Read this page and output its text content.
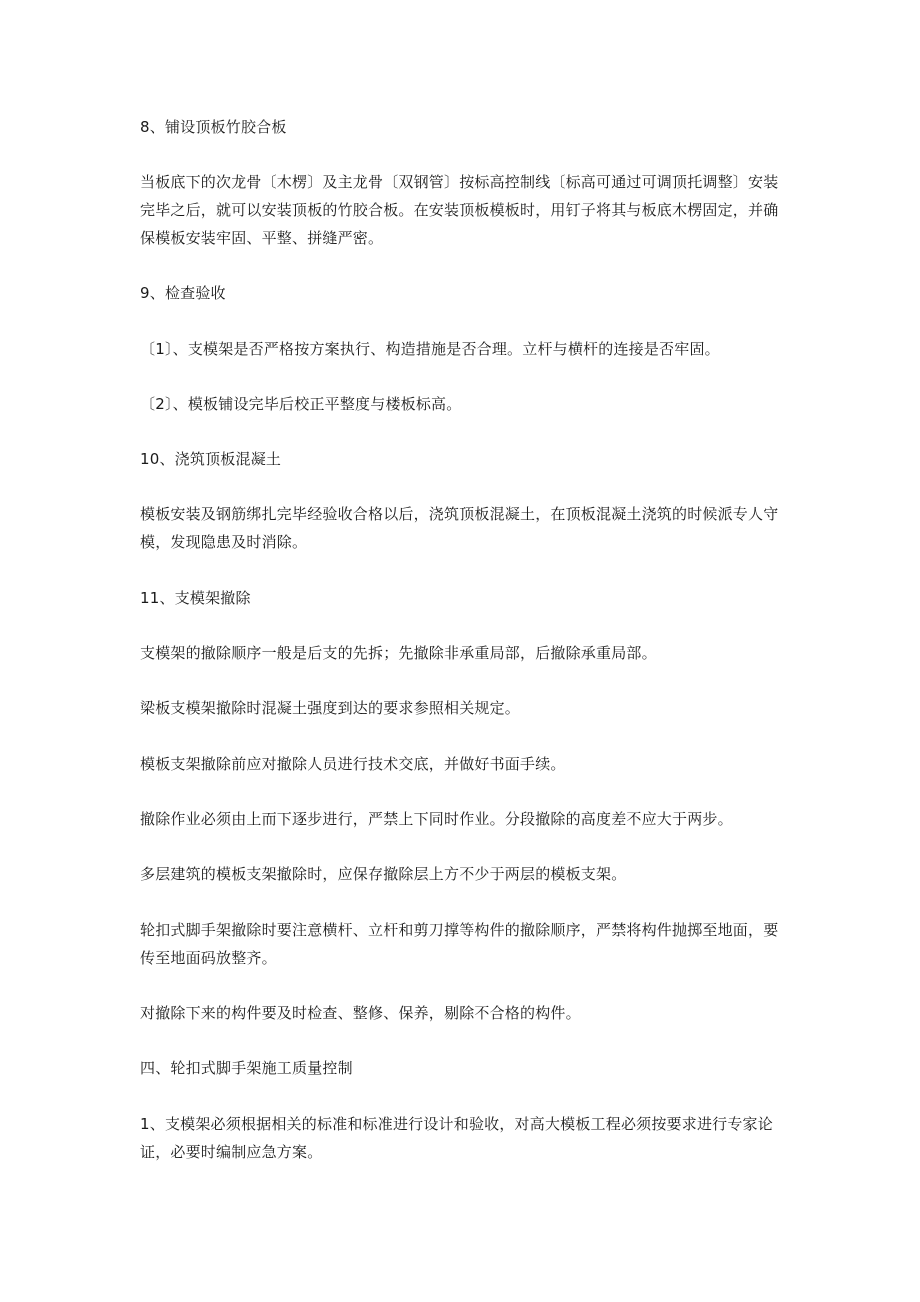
8、铺设顶板竹胶合板

当板底下的次龙骨〔木楞〕及主龙骨〔双钢管〕按标高控制线〔标高可通过可调顶托调整〕安装完毕之后，就可以安装顶板的竹胶合板。在安装顶板模板时，用钉子将其与板底木楞固定，并确保模板安装牢固、平整、拼缝严密。

9、检查验收

〔1〕、支模架是否严格按方案执行、构造措施是否合理。立杆与横杆的连接是否牢固。

〔2〕、模板铺设完毕后校正平整度与楼板标高。

10、浇筑顶板混凝土

模板安装及钢筋绑扎完毕经验收合格以后，浇筑顶板混凝土，在顶板混凝土浇筑的时候派专人守模，发现隐患及时消除。

11、支模架撤除

支模架的撤除顺序一般是后支的先拆；先撤除非承重局部，后撤除承重局部。

梁板支模架撤除时混凝土强度到达的要求参照相关规定。

模板支架撤除前应对撤除人员进行技术交底，并做好书面手续。

撤除作业必须由上而下逐步进行，严禁上下同时作业。分段撤除的高度差不应大于两步。

多层建筑的模板支架撤除时，应保存撤除层上方不少于两层的模板支架。

轮扣式脚手架撤除时要注意横杆、立杆和剪刀撑等构件的撤除顺序，严禁将构件抛掷至地面，要传至地面码放整齐。

对撤除下来的构件要及时检查、整修、保养，剔除不合格的构件。

四、轮扣式脚手架施工质量控制

1、支模架必须根据相关的标准和标准进行设计和验收，对高大模板工程必须按要求进行专家论证，必要时编制应急方案。
